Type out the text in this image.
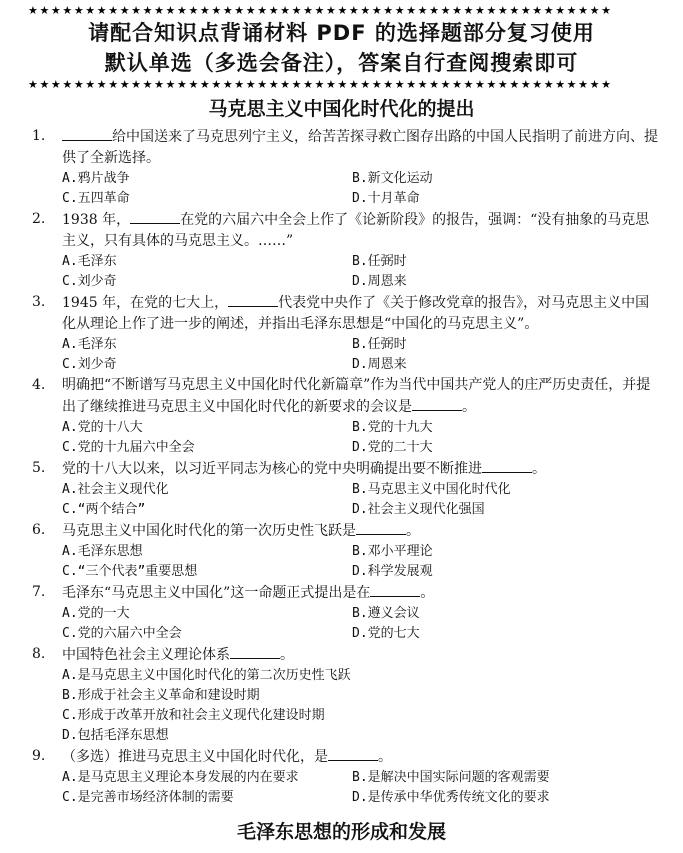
★★★★★★★★★★★★★★★★★★★★★★★★★★★★★★★★★★★★★★★★★★★★★★★★★★★
请配合知识点背诵材料 PDF 的选择题部分复习使用
默认单选（多选会备注），答案自行查阅搜索即可
★★★★★★★★★★★★★★★★★★★★★★★★★★★★★★★★★★★★★★★★★★★★★★★★★★★
马克思主义中国化时代化的提出
1.	给中国送来了马克思列宁主义，给苦苦探寻救亡图存出路的中国人民指明了前进方向、提供了全新选择。
A.鸦片战争	B.新文化运动
C.五四革命	D.十月革命
2. 1938 年，	在党的六届六中全会上作了《论新阶段》的报告，强调：“没有抽象的马克思主义，只有具体的马克思主义。……”
A.毛泽东	B.任弼时
C.刘少奇	D.周恩来
3. 1945 年，在党的七大上，	代表党中央作了《关于修改党章的报告》，对马克思主义中国化从理论上作了进一步的阐述，并指出毛泽东思想是“中国化的马克思主义”。
A.毛泽东	B.任弼时
C.刘少奇	D.周恩来
4. 明确把“不断谱写马克思主义中国化时代化新篇章”作为当代中国共产党人的庄严历史责任，并提出了继续推进马克思主义中国化时代化的新要求的会议是	。
A.党的十八大	B.党的十九大
C.党的十九届六中全会	D.党的二十大
5. 党的十八大以来，以习近平同志为核心的党中央明确提出要不断推进	。
A.社会主义现代化	B.马克思主义中国化时代化
C.“两个结合”	D.社会主义现代化强国
6. 马克思主义中国化时代化的第一次历史性飞跃是	。
A.毛泽东思想	B.邓小平理论
C.“三个代表”重要思想	D.科学发展观
7. 毛泽东“马克思主义中国化”这一命题正式提出是在	。
A.党的一大	B.遵义会议
C.党的六届六中全会	D.党的七大
8. 中国特色社会主义理论体系	。
A.是马克思主义中国化时代化的第二次历史性飞跃
B.形成于社会主义革命和建设时期
C.形成于改革开放和社会主义现代化建设时期
D.包括毛泽东思想
9. （多选）推进马克思主义中国化时代化，是	。
A.是马克思主义理论本身发展的内在要求	B.是解决中国实际问题的客观需要
C.是完善市场经济体制的需要	D.是传承中华优秀传统文化的要求
毛泽东思想的形成和发展
